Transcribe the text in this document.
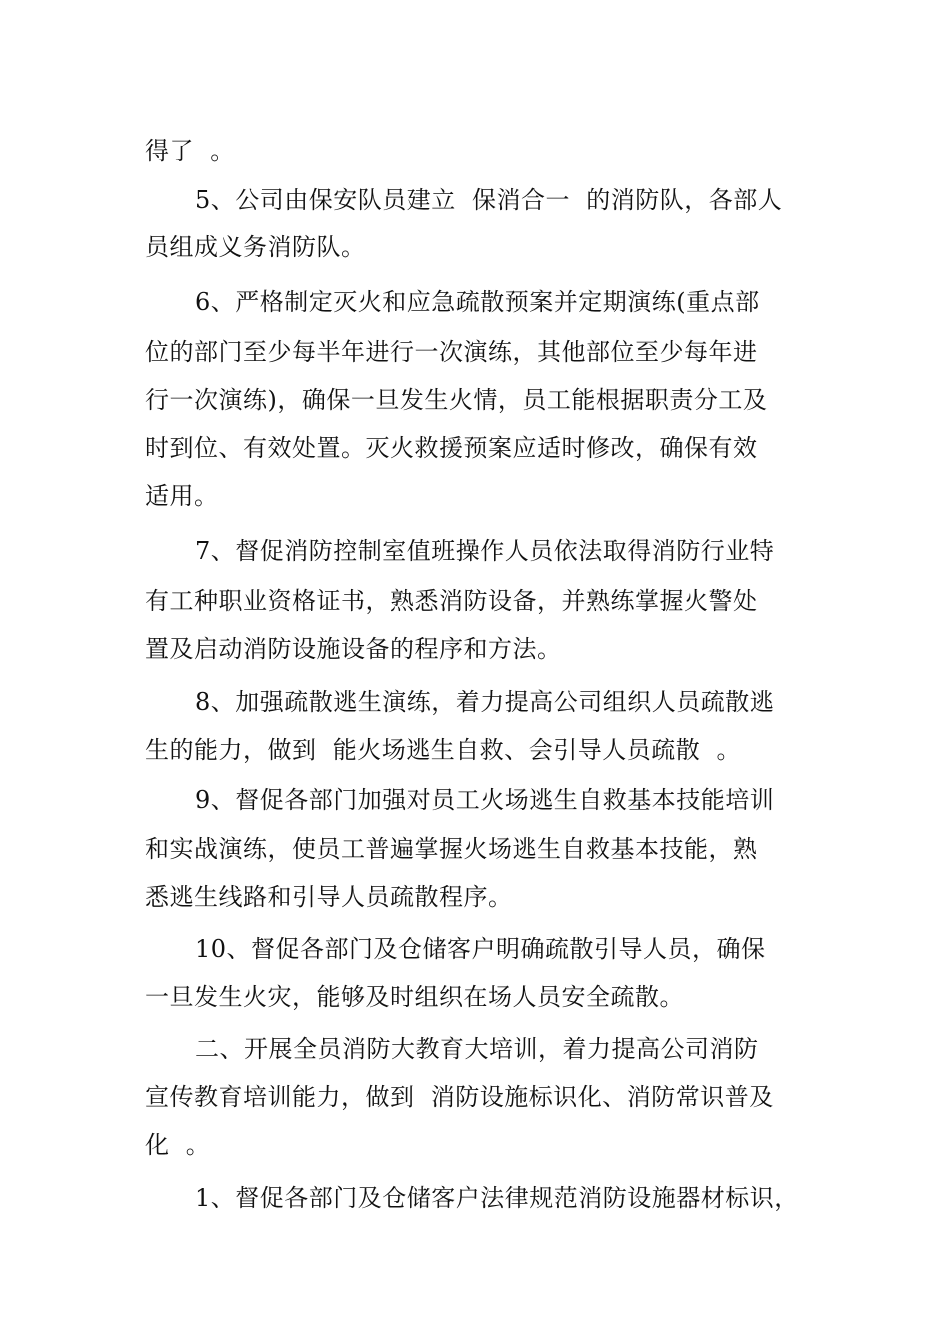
得了  。

5、公司由保安队员建立  保消合一  的消防队，各部人

员组成义务消防队。

6、严格制定灭火和应急疏散预案并定期演练(重点部

位的部门至少每半年进行一次演练，其他部位至少每年进

行一次演练)，确保一旦发生火情，员工能根据职责分工及

时到位、有效处置。灭火救援预案应适时修改，确保有效

适用。

7、督促消防控制室值班操作人员依法取得消防行业特

有工种职业资格证书，熟悉消防设备，并熟练掌握火警处

置及启动消防设施设备的程序和方法。

8、加强疏散逃生演练，着力提高公司组织人员疏散逃

生的能力，做到  能火场逃生自救、会引导人员疏散  。

9、督促各部门加强对员工火场逃生自救基本技能培训

和实战演练，使员工普遍掌握火场逃生自救基本技能，熟

悉逃生线路和引导人员疏散程序。

10、督促各部门及仓储客户明确疏散引导人员，确保

一旦发生火灾，能够及时组织在场人员安全疏散。

二、开展全员消防大教育大培训，着力提高公司消防

宣传教育培训能力，做到  消防设施标识化、消防常识普及

化  。

1、督促各部门及仓储客户法律规范消防设施器材标识，
